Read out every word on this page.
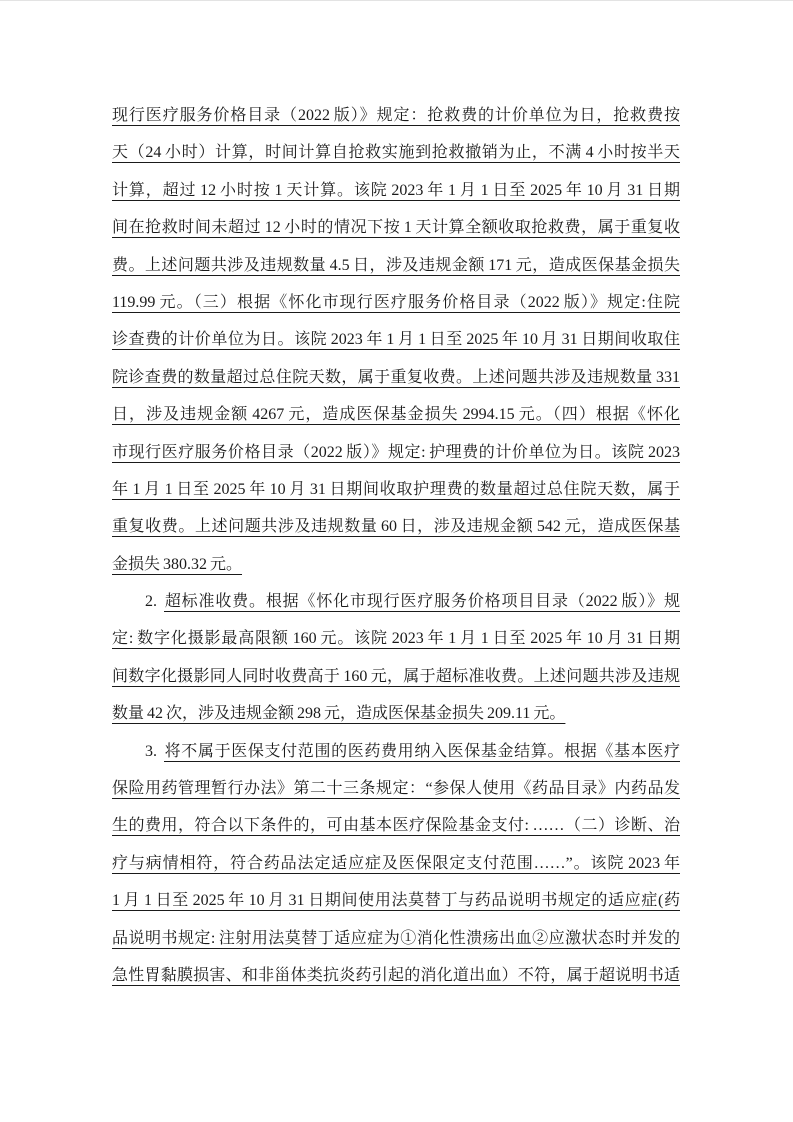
现行医疗服务价格目录（2022 版）》规定：抢救费的计价单位为日，抢救费按
天（24 小时）计算，时间计算自抢救实施到抢救撤销为止，不满 4 小时按半天
计算，超过 12 小时按 1 天计算。该院 2023 年 1 月 1 日至 2025 年 10 月 31 日期
间在抢救时间未超过 12 小时的情况下按 1 天计算全额收取抢救费，属于重复收
费。上述问题共涉及违规数量 4.5 日，涉及违规金额 171 元，造成医保基金损失
119.99 元。（三）根据《怀化市现行医疗服务价格目录（2022 版）》规定:住院
诊查费的计价单位为日。该院 2023 年 1 月 1 日至 2025 年 10 月 31 日期间收取住
院诊查费的数量超过总住院天数，属于重复收费。上述问题共涉及违规数量 331
日，涉及违规金额 4267 元，造成医保基金损失 2994.15 元。（四）根据《怀化
市现行医疗服务价格目录（2022 版）》规定: 护理费的计价单位为日。该院 2023
年 1 月 1 日至 2025 年 10 月 31 日期间收取护理费的数量超过总住院天数，属于
重复收费。上述问题共涉及违规数量 60 日，涉及违规金额 542 元，造成医保基
金损失 380.32 元。
2. 超标准收费。根据《怀化市现行医疗服务价格项目目录（2022 版）》规
定: 数字化摄影最高限额 160 元。该院 2023 年 1 月 1 日至 2025 年 10 月 31 日期
间数字化摄影同人同时收费高于 160 元，属于超标准收费。上述问题共涉及违规
数量 42 次，涉及违规金额 298 元，造成医保基金损失 209.11 元。
3. 将不属于医保支付范围的医药费用纳入医保基金结算。根据《基本医疗
保险用药管理暂行办法》第二十三条规定：“参保人使用《药品目录》内药品发
生的费用，符合以下条件的，可由基本医疗保险基金支付: ……（二）诊断、治
疗与病情相符，符合药品法定适应症及医保限定支付范围……”。该院 2023 年
1 月 1 日至 2025 年 10 月 31 日期间使用法莫替丁与药品说明书规定的适应症(药
品说明书规定: 注射用法莫替丁适应症为①消化性溃疡出血②应激状态时并发的
急性胃黏膜损害、和非甾体类抗炎药引起的消化道出血）不符，属于超说明书适
